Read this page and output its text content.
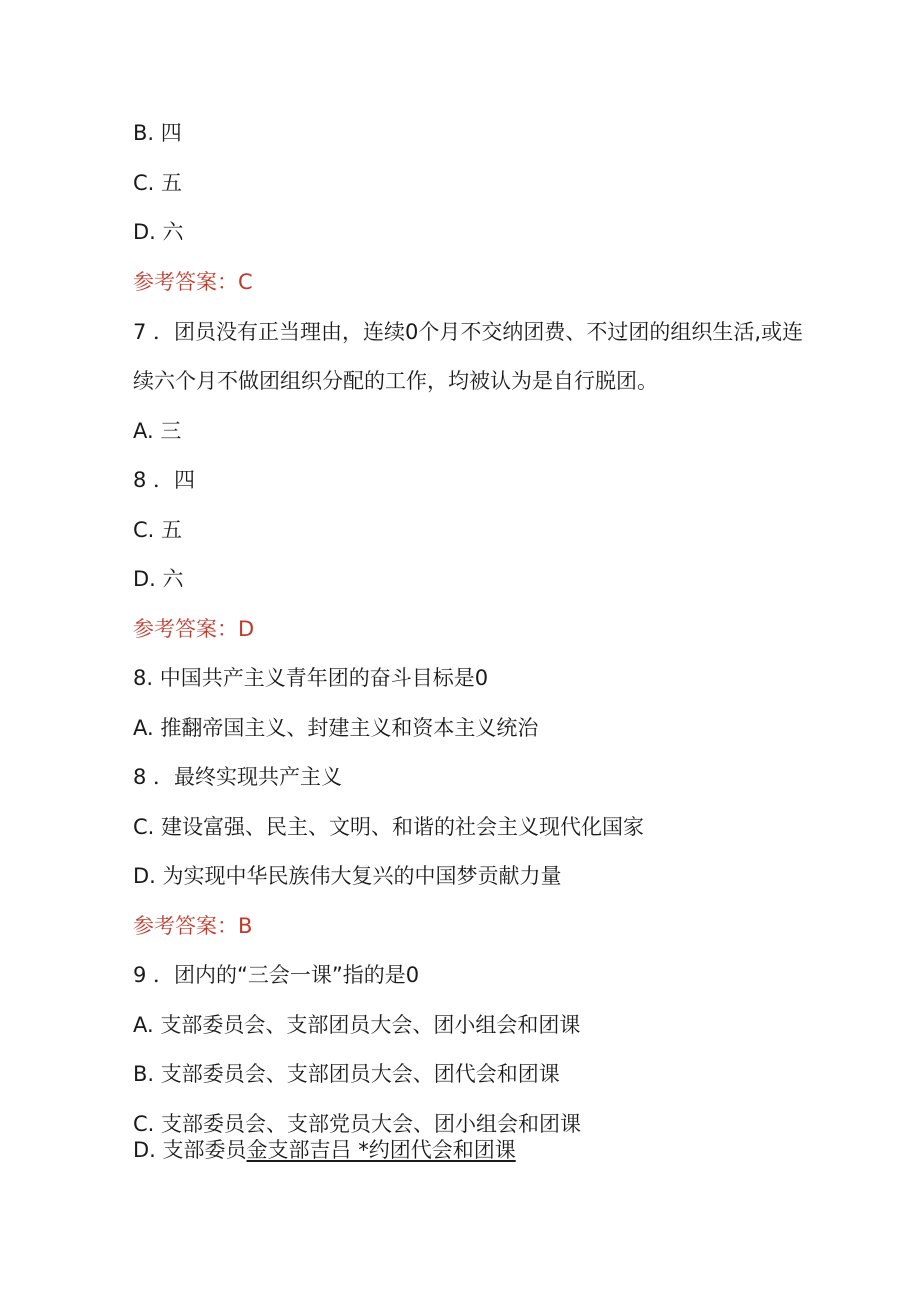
B. 四
C. 五
D. 六
参考答案：C
7 ．团员没有正当理由，连续0个月不交纳团费、不过团的组织生活,或连
续六个月不做团组织分配的工作，均被认为是自行脱团。
A. 三
8 ．四
C. 五
D. 六
参考答案：D
8. 中国共产主义青年团的奋斗目标是0
A. 推翻帝国主义、封建主义和资本主义统治
8 ．最终实现共产主义
C. 建设富强、民主、文明、和谐的社会主义现代化国家
D. 为实现中华民族伟大复兴的中国梦贡献力量
参考答案：B
9 ．团内的“三会一课”指的是0
A. 支部委员会、支部团员大会、团小组会和团课
B. 支部委员会、支部团员大会、团代会和团课
C. 支部委员会、支部党员大会、团小组会和团课
D. 支部委员金支部吉吕 *约团代会和团课
